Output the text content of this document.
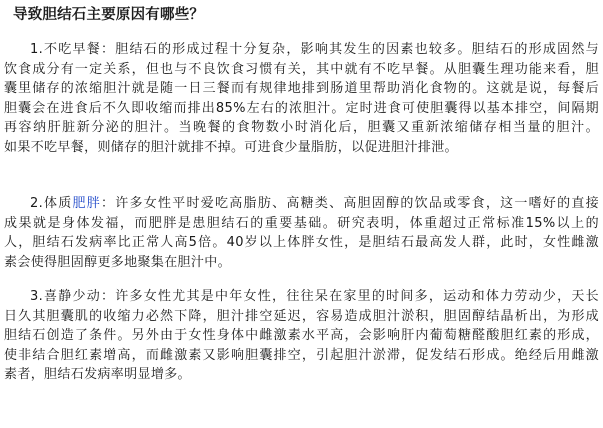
导致胆结石主要原因有哪些？
1.不吃早餐：胆结石的形成过程十分复杂，影响其发生的因素也较多。胆结石的形成固然与
饮食成分有一定关系，但也与不良饮食习惯有关，其中就有不吃早餐。从胆囊生理功能来看，胆
囊里储存的浓缩胆汁就是随一日三餐而有规律地排到肠道里帮助消化食物的。这就是说，每餐后
胆囊会在进食后不久即收缩而排出85%左右的浓胆汁。定时进食可使胆囊得以基本排空，间隔期
再容纳肝脏新分泌的胆汁。当晚餐的食物数小时消化后，胆囊又重新浓缩储存相当量的胆汁。
如果不吃早餐，则储存的胆汁就排不掉。可进食少量脂肪，以促进胆汁排泄。
2.体质肥胖：许多女性平时爱吃高脂肪、高糖类、高胆固醇的饮品或零食，这一嗜好的直接
成果就是身体发福，而肥胖是患胆结石的重要基础。研究表明，体重超过正常标准15%以上的
人，胆结石发病率比正常人高5倍。40岁以上体胖女性，是胆结石最高发人群，此时，女性雌激
素会使得胆固醇更多地聚集在胆汁中。
3.喜静少动：许多女性尤其是中年女性，往往呆在家里的时间多，运动和体力劳动少，天长
日久其胆囊肌的收缩力必然下降，胆汁排空延迟，容易造成胆汁淤积，胆固醇结晶析出，为形成
胆结石创造了条件。另外由于女性身体中雌激素水平高，会影响肝内葡萄糖醛酸胆红素的形成，
使非结合胆红素增高，而雌激素又影响胆囊排空，引起胆汁淤滞，促发结石形成。绝经后用雌激
素者，胆结石发病率明显增多。
